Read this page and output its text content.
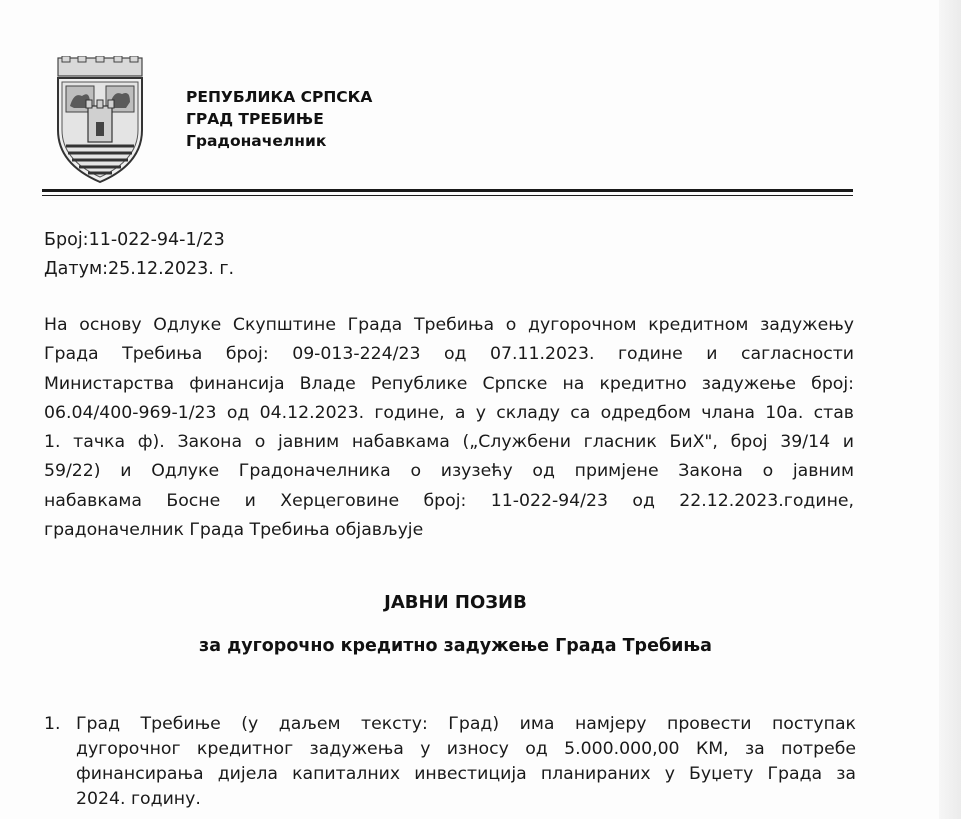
РЕПУБЛИКА СРПСКА
ГРАД ТРЕБИЊЕ
Градоначелник
Број:11-022-94-1/23
Датум:25.12.2023. г.
На основу Одлуке Скупштине Града Требиња о дугорочном кредитном задужењу
Града Требиња број: 09-013-224/23 од 07.11.2023. године и сагласности
Министарства финансија Владе Републике Српске на кредитно задужење број:
06.04/400-969-1/23 од 04.12.2023. године, а у складу са одредбом члана 10а. став
1. тачка ф). Закона о јавним набавкама („Службени гласник БиХ", број 39/14 и
59/22) и Одлуке Градоначелника о изузећу од примјене Закона о јавним
набавкама Босне и Херцеговине број: 11-022-94/23 од 22.12.2023.године,
градоначелник Града Требиња објављује
ЈАВНИ ПОЗИВ
за дугорочно кредитно задужење Града Требиња
1. Град Требиње (у даљем тексту: Град) има намјеру провести поступак
дугорочног кредитног задужења у износу од 5.000.000,00 КМ, за потребе
финансирања дијела капиталних инвестиција планираних у Буџету Града за
2024. годину.
